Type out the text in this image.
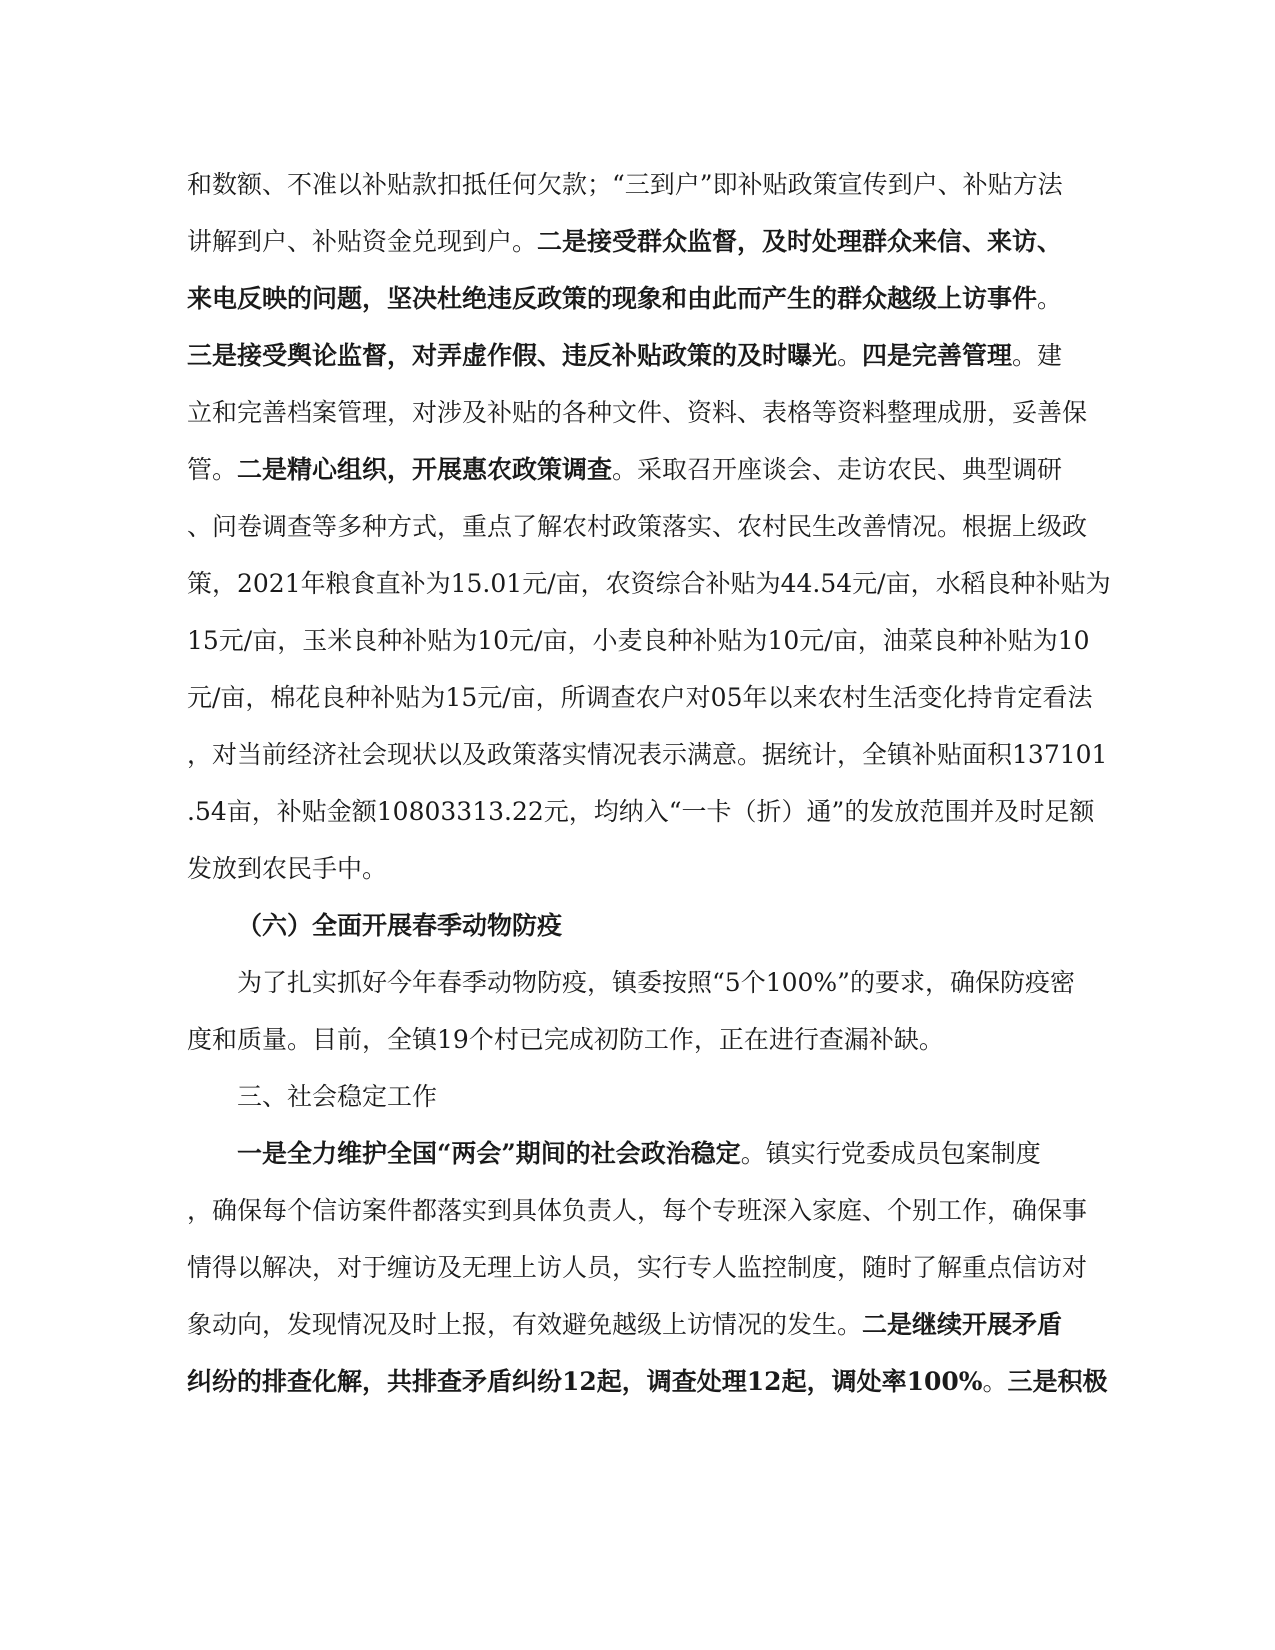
和数额、不准以补贴款扣抵任何欠款；“三到户”即补贴政策宣传到户、补贴方法
讲解到户、补贴资金兑现到户。二是接受群众监督，及时处理群众来信、来访、
来电反映的问题，坚决杜绝违反政策的现象和由此而产生的群众越级上访事件。
三是接受舆论监督，对弄虚作假、违反补贴政策的及时曝光。四是完善管理。建
立和完善档案管理，对涉及补贴的各种文件、资料、表格等资料整理成册，妥善保
管。二是精心组织，开展惠农政策调查。采取召开座谈会、走访农民、典型调研
、问卷调查等多种方式，重点了解农村政策落实、农村民生改善情况。根据上级政
策，2021年粮食直补为15.01元/亩，农资综合补贴为44.54元/亩，水稻良种补贴为
15元/亩，玉米良种补贴为10元/亩，小麦良种补贴为10元/亩，油菜良种补贴为10
元/亩，棉花良种补贴为15元/亩，所调查农户对05年以来农村生活变化持肯定看法
，对当前经济社会现状以及政策落实情况表示满意。据统计，全镇补贴面积137101
.54亩，补贴金额10803313.22元，均纳入“一卡（折）通”的发放范围并及时足额
发放到农民手中。
（六）全面开展春季动物防疫
为了扎实抓好今年春季动物防疫，镇委按照“5个100%”的要求，确保防疫密
度和质量。目前，全镇19个村已完成初防工作，正在进行查漏补缺。
三、社会稳定工作
一是全力维护全国“两会”期间的社会政治稳定。镇实行党委成员包案制度
，确保每个信访案件都落实到具体负责人，每个专班深入家庭、个别工作，确保事
情得以解决，对于缠访及无理上访人员，实行专人监控制度，随时了解重点信访对
象动向，发现情况及时上报，有效避免越级上访情况的发生。二是继续开展矛盾
纠纷的排查化解，共排查矛盾纠纷12起，调查处理12起，调处率100%。三是积极
